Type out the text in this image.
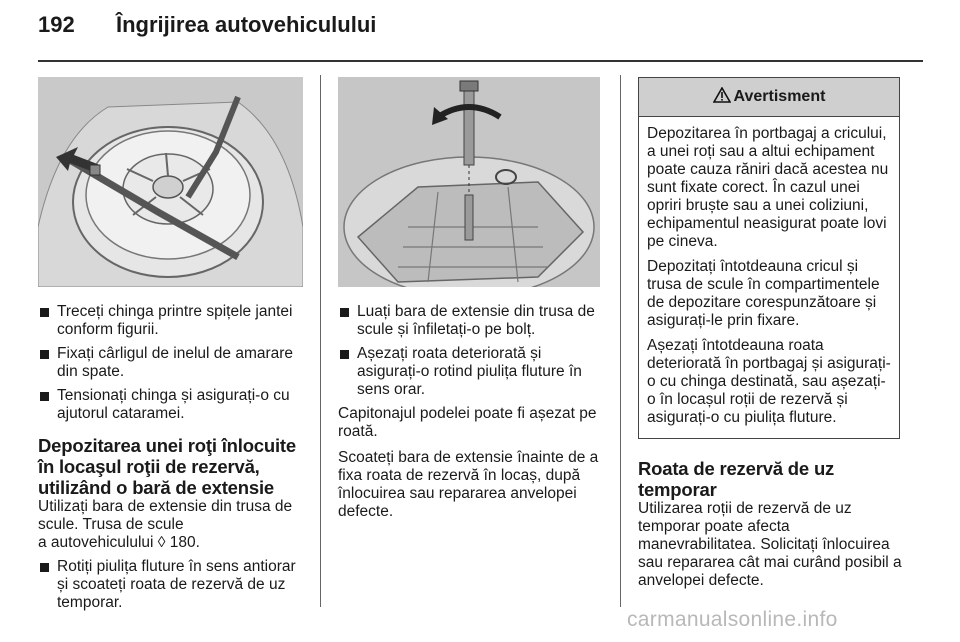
192 Îngrijirea autovehiculului
Treceți chinga printre spițele jantei conform figurii.
Fixați cârligul de inelul de amarare din spate.
Tensionați chinga și asigurați-o cu ajutorul cataramei.
Depozitarea unei roţi înlocuite în locaşul roţii de rezervă, utilizând o bară de extensie

Utilizați bara de extensie din trusa de scule. Trusa de scule
a autovehiculului ◊ 180.

Rotiți piulița fluture în sens antiorar și scoateți roata de rezervă de uz temporar.
Luați bara de extensie din trusa de scule și înfiletați-o pe bolț.
Așezați roata deteriorată și asigurați-o rotind piulița fluture în sens orar.

Capitonajul podelei poate fi așezat pe roată.

Scoateți bara de extensie înainte de a fixa roata de rezervă în locaș, după înlocuirea sau repararea anvelopei defecte.

Avertisment

Depozitarea în portbagaj a cricului, a unei roți sau a altui echipament poate cauza răniri dacă acestea nu sunt fixate corect. În cazul unei opriri bruște sau a unei coliziuni, echipamentul neasigurat poate lovi pe cineva.

Depozitați întotdeauna cricul și trusa de scule în compartimentele de depozitare corespunzătoare și asigurați-le prin fixare.

Așezați întotdeauna roata deteriorată în portbagaj și asigurați-o cu chinga destinată, sau așezați-o în locașul roții de rezervă și asigurați-o cu piulița fluture.

Roata de rezervă de uz temporar

Utilizarea roții de rezervă de uz temporar poate afecta manevrabilitatea. Solicitați înlocuirea sau repararea cât mai curând posibil a anvelopei defecte.

carmanualsonline.info
